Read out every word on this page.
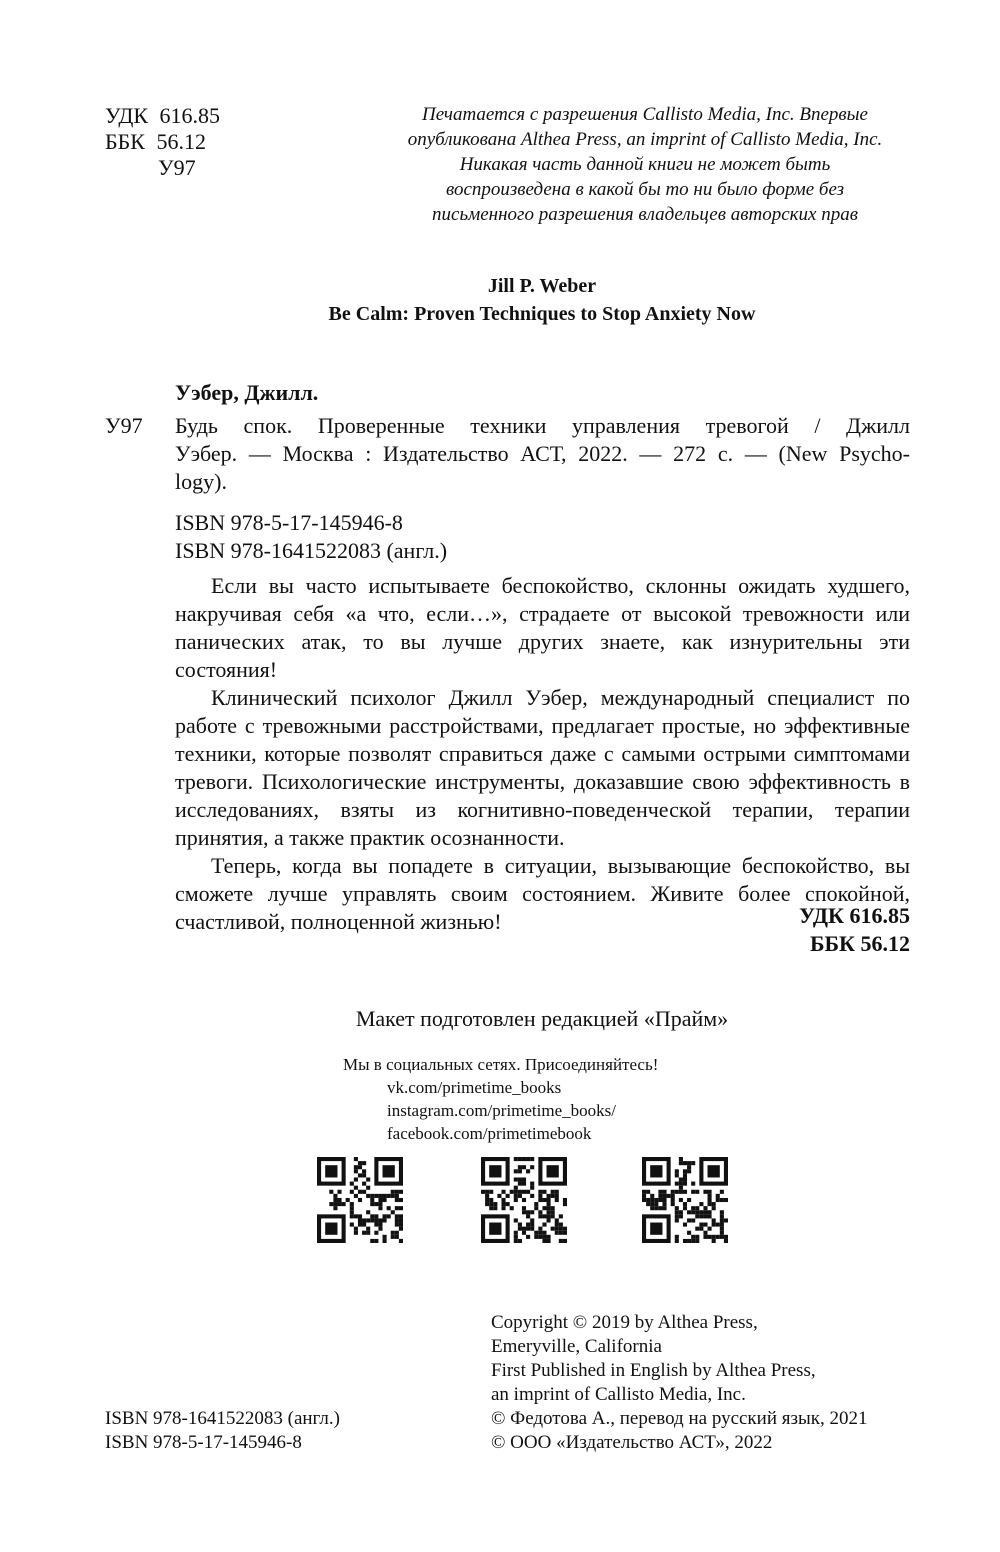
УДК 616.85
ББК 56.12
У97
Печатается с разрешения Callisto Media, Inc. Впервые
опубликована Althea Press, an imprint of Callisto Media, Inc.
Никакая часть данной книги не может быть
воспроизведена в какой бы то ни было форме без
письменного разрешения владельцев авторских прав
Jill P. Weber
Be Calm: Proven Techniques to Stop Anxiety Now
Уэбер, Джилл.
У97 Будь спок. Проверенные техники управления тревогой / Джилл
Уэбер. — Москва : Издательство АСТ, 2022. — 272 с. — (New Psycho-
logy).
ISBN 978-5-17-145946-8
ISBN 978-1641522083 (англ.)

Если вы часто испытываете беспокойство, склонны ожидать худшего, накручивая себя «а что, если…», страдаете от высокой тревожности или панических атак, то вы лучше других знаете, как изнурительны эти состояния!

Клинический психолог Джилл Уэбер, международный специалист по работе с тревожными расстройствами, предлагает простые, но эффективные техники, которые позволят справиться даже с самыми острыми симптомами тревоги. Психологические инструменты, доказавшие свою эффективность в исследованиях, взяты из когнитивно-поведенческой терапии, терапии принятия, а также практик осознанности.

Теперь, когда вы попадете в ситуации, вызывающие беспокойство, вы сможете лучше управлять своим состоянием. Живите более спокойной, счастливой, полноценной жизнью!	УДК 616.85
ББК 56.12
Макет подготовлен редакцией «Прайм»
Мы в социальных сетях. Присоединяйтесь!
vk.com/primetime_books
instagram.com/primetime_books/
facebook.com/primetimebook
Copyright © 2019 by Althea Press,
Emeryville, California
First Published in English by Althea Press,
an imprint of Callisto Media, Inc.
© Федотова А., перевод на русский язык, 2021
© ООО «Издательство АСТ», 2022
ISBN 978-1641522083 (англ.)
ISBN 978-5-17-145946-8
